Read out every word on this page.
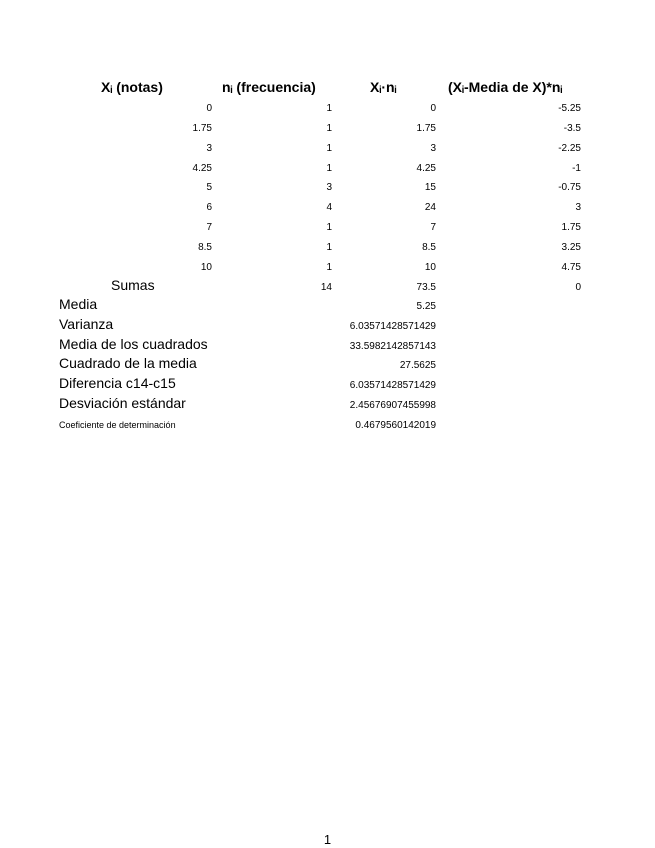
Xᵢ (notas)	nᵢ (frecuencia)	Xᵢ·nᵢ	(Xᵢ-Media de X)*nᵢ
0	1	0	-5.25
1.75	1	1.75	-3.5
3	1	3	-2.25
4.25	1	4.25	-1
5	3	15	-0.75
6	4	24	3
7	1	7	1.75
8.5	1	8.5	3.25
10	1	10	4.75
Sumas	14	73.5	0
Media	5.25
Varianza	6.03571428571429
Media de los cuadrados	33.5982142857143
Cuadrado de la media	27.5625
Diferencia c14-c15	6.03571428571429
Desviación estándar	2.45676907455998
Coeficiente de determinación	0.4679560142019
1
